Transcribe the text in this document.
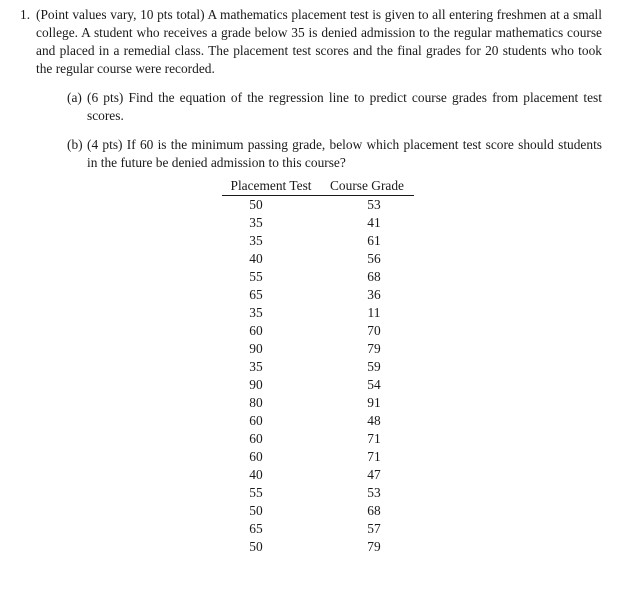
1. (Point values vary, 10 pts total) A mathematics placement test is given to all entering freshmen at a small college. A student who receives a grade below 35 is denied admission to the regular mathematics course and placed in a remedial class. The placement test scores and the final grades for 20 students who took the regular course were recorded.
(a) (6 pts) Find the equation of the regression line to predict course grades from placement test scores.
(b) (4 pts) If 60 is the minimum passing grade, below which placement test score should students in the future be denied admission to this course?
Placement Test	Course Grade
50	53
35	41
35	61
40	56
55	68
65	36
35	11
60	70
90	79
35	59
90	54
80	91
60	48
60	71
60	71
40	47
55	53
50	68
65	57
50	79
